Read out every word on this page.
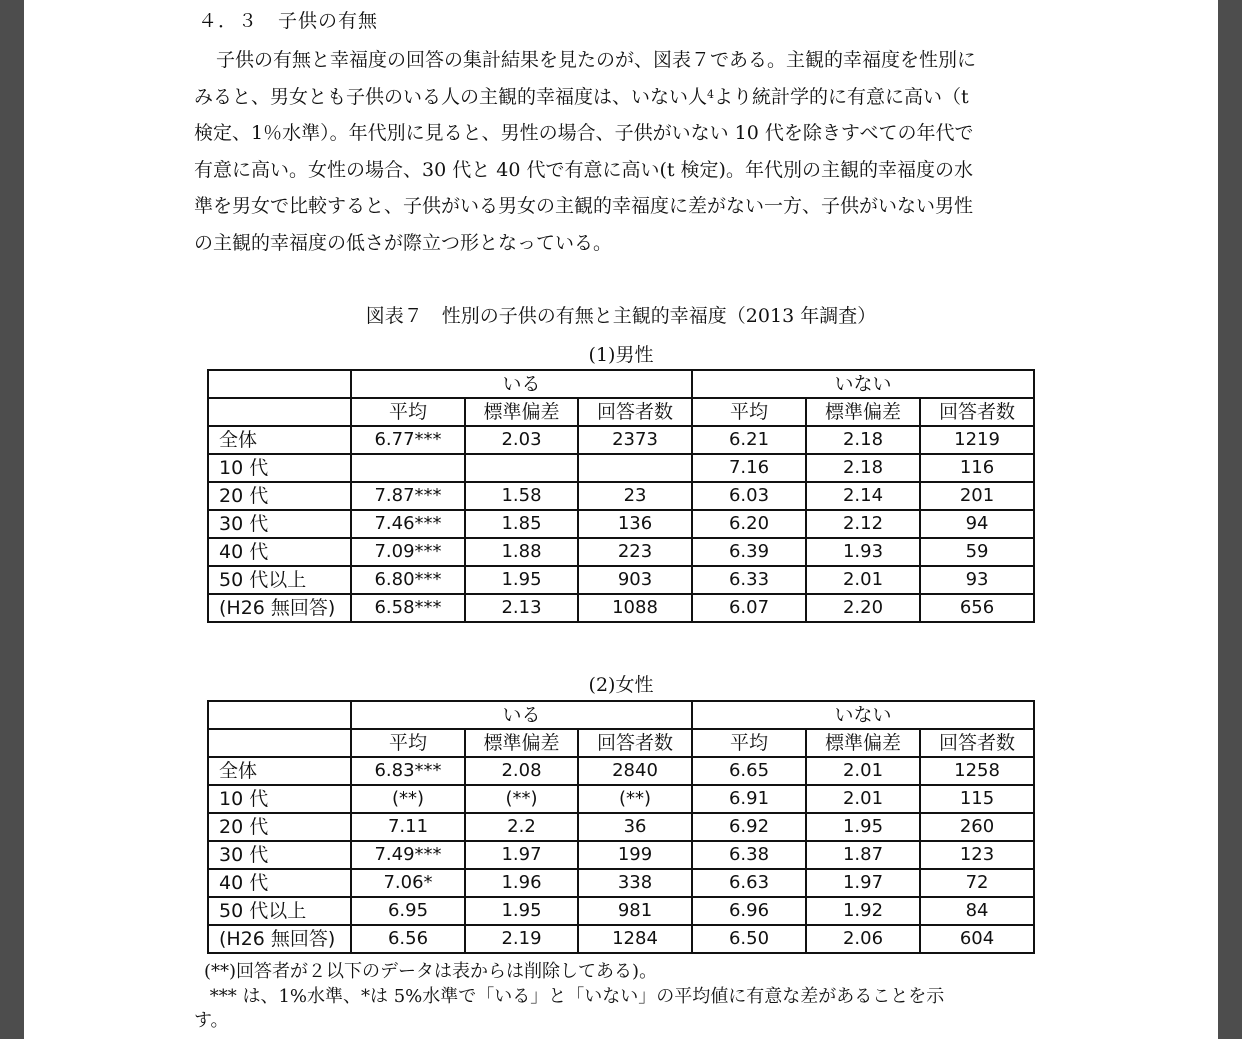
４．３　子供の有無
子供の有無と幸福度の回答の集計結果を見たのが、図表７である。主観的幸福度を性別に
みると、男女とも子供のいる人の主観的幸福度は、いない人$^4$より統計学的に有意に高い（t
検定、1％水準）。年代別に見ると、男性の場合、子供がいない 10 代を除きすべての年代で
有意に高い。女性の場合、30 代と 40 代で有意に高い(t 検定)。年代別の主観的幸福度の水
準を男女で比較すると、子供がいる男女の主観的幸福度に差がない一方、子供がいない男性
の主観的幸福度の低さが際立つ形となっている。
図表７　性別の子供の有無と主観的幸福度（2013 年調査）
(1)男性
	いる			いない		
	平均	標準偏差	回答者数	平均	標準偏差	回答者数
全体	6.77***	2.03	2373	6.21	2.18	1219
10 代				7.16	2.18	116
20 代	7.87***	1.58	23	6.03	2.14	201
30 代	7.46***	1.85	136	6.20	2.12	94
40 代	7.09***	1.88	223	6.39	1.93	59
50 代以上	6.80***	1.95	903	6.33	2.01	93
(H26 無回答)	6.58***	2.13	1088	6.07	2.20	656
(2)女性
	いる			いない		
	平均	標準偏差	回答者数	平均	標準偏差	回答者数
全体	6.83***	2.08	2840	6.65	2.01	1258
10 代	(**)	(**)	(**)	6.91	2.01	115
20 代	7.11	2.2	36	6.92	1.95	260
30 代	7.49***	1.97	199	6.38	1.87	123
40 代	7.06*	1.96	338	6.63	1.97	72
50 代以上	6.95	1.95	981	6.96	1.92	84
(H26 無回答)	6.56	2.19	1284	6.50	2.06	604
(**)回答者が２以下のデータは表からは削除してある)。
*** は、1%水準、*は 5%水準で「いる」と「いない」の平均値に有意な差があることを示
す。
